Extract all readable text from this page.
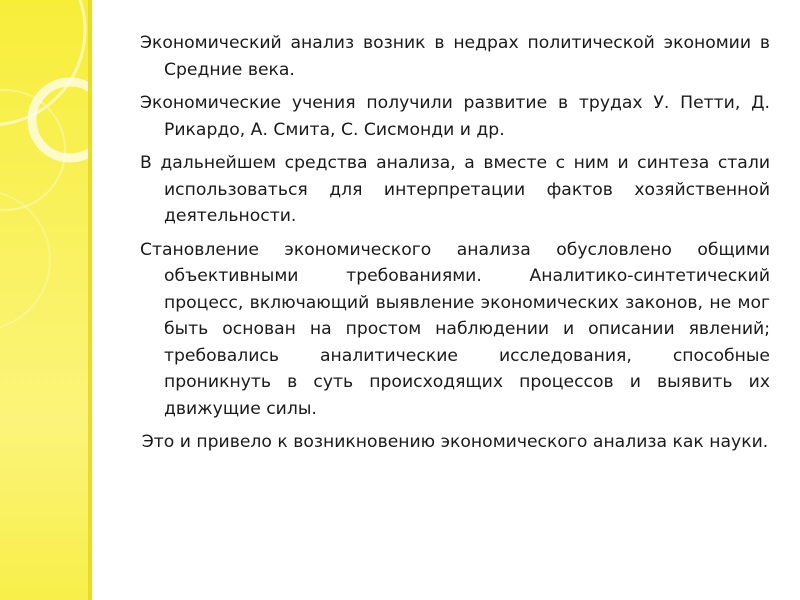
Экономический анализ возник в недрах политической экономии в Средние века.

Экономические учения получили развитие в трудах У. Петти, Д. Рикардо, А. Смита, С. Сисмонди и др.

В дальнейшем средства анализа, а вместе с ним и синтеза стали использоваться для интерпретации фактов хозяйственной деятельности.

Становление экономического анализа обусловлено общими объективными требованиями. Аналитико-синтетический процесс, включающий выявление экономических законов, не мог быть основан на простом наблюдении и описании явлений; требовались аналитические исследования, способные проникнуть в суть происходящих процессов и выявить их движущие силы.

Это и привело к возникновению экономического анализа как науки.
